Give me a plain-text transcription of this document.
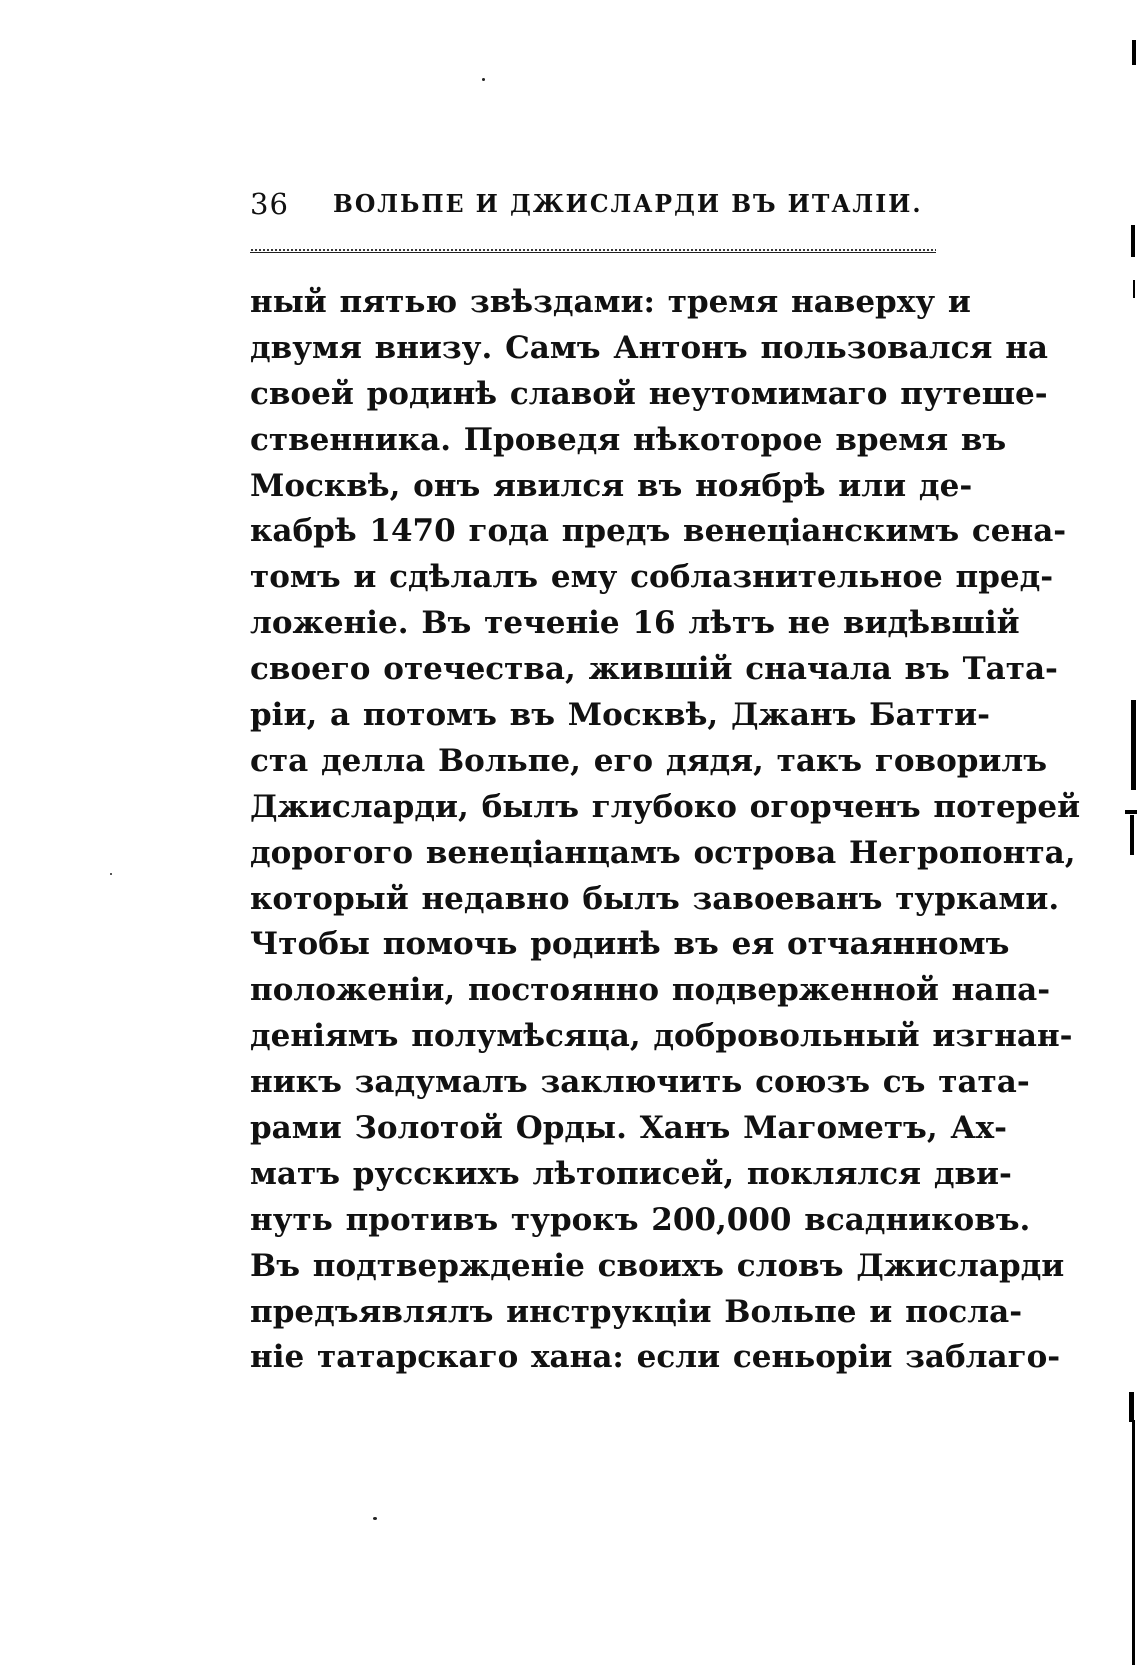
36 ВОЛЬПЕ И ДЖИСЛАРДИ ВЪ ИТАЛІИ.
ный пятью звѣздами: тремя наверху и
двумя внизу. Самъ Антонъ пользовался на
своей родинѣ славой неутомимаго путеше-
ственника. Проведя нѣкоторое время въ
Москвѣ, онъ явился въ ноябрѣ или де-
кабрѣ 1470 года предъ венеціанскимъ сена-
томъ и сдѣлалъ ему соблазнительное пред-
ложеніе. Въ теченіе 16 лѣтъ не видѣвшій
своего отечества, жившій сначала въ Тата-
ріи, а потомъ въ Москвѣ, Джанъ Батти-
ста делла Вольпе, его дядя, такъ говорилъ
Джисларди, былъ глубоко огорченъ потерей
дорогого венеціанцамъ острова Негропонта,
который недавно былъ завоеванъ турками.
Чтобы помочь родинѣ въ ея отчаянномъ
положеніи, постоянно подверженной напа-
деніямъ полумѣсяца, добровольный изгнан-
никъ задумалъ заключить союзъ съ тата-
рами Золотой Орды. Ханъ Магометъ, Ах-
матъ русскихъ лѣтописей, поклялся дви-
нуть противъ турокъ 200,000 всадниковъ.
Въ подтвержденіе своихъ словъ Джисларди
предъявлялъ инструкціи Вольпе и посла-
ніе татарскаго хана: если сеньоріи заблаго-
